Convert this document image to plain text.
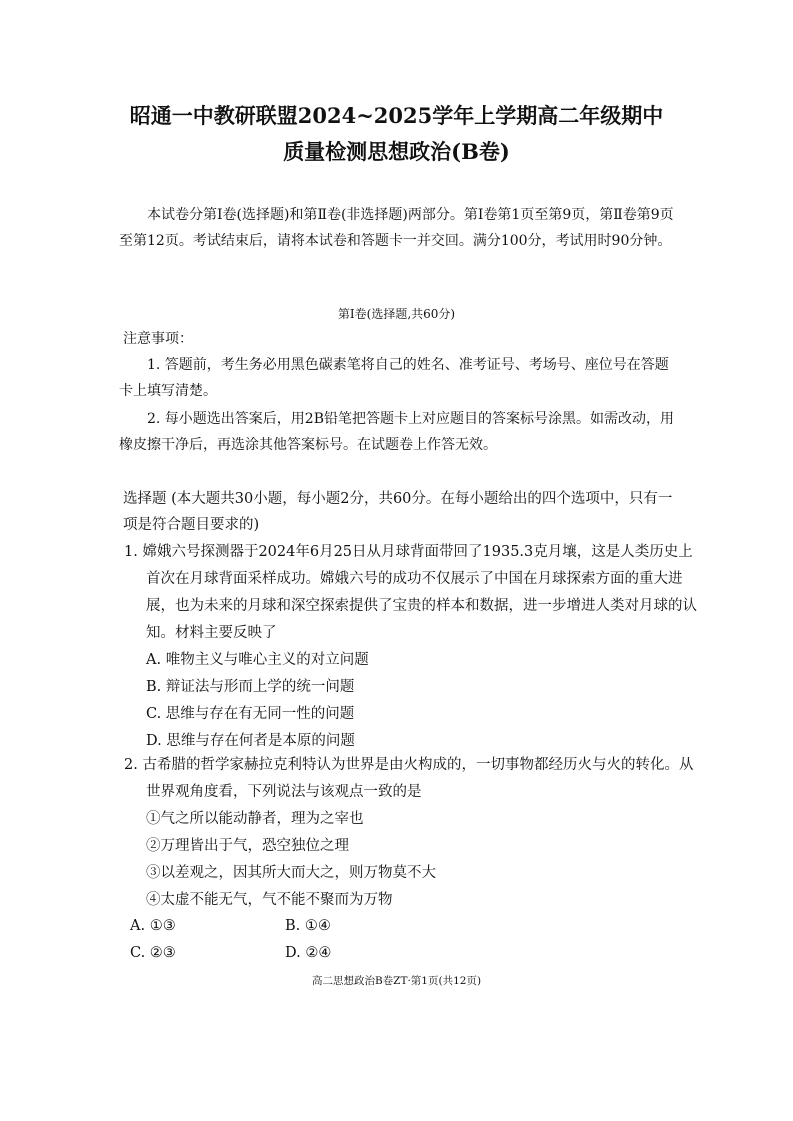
昭通一中教研联盟2024~2025学年上学期高二年级期中
质量检测思想政治(B卷)
本试卷分第Ⅰ卷(选择题)和第Ⅱ卷(非选择题)两部分。第Ⅰ卷第1页至第9页，第Ⅱ卷第9页至第12页。考试结束后，请将本试卷和答题卡一并交回。满分100分，考试用时90分钟。
第Ⅰ卷(选择题,共60分)
注意事项：
1. 答题前，考生务必用黑色碳素笔将自己的姓名、准考证号、考场号、座位号在答题卡上填写清楚。
2. 每小题选出答案后，用2B铅笔把答题卡上对应题目的答案标号涂黑。如需改动，用橡皮擦干净后，再选涂其他答案标号。在试题卷上作答无效。
选择题 (本大题共30小题，每小题2分，共60分。在每小题给出的四个选项中，只有一项是符合题目要求的)
1. 嫦娥六号探测器于2024年6月25日从月球背面带回了1935.3克月壤，这是人类历史上首次在月球背面采样成功。嫦娥六号的成功不仅展示了中国在月球探索方面的重大进展，也为未来的月球和深空探索提供了宝贵的样本和数据，进一步增进人类对月球的认知。材料主要反映了
A. 唯物主义与唯心主义的对立问题
B. 辩证法与形而上学的统一问题
C. 思维与存在有无同一性的问题
D. 思维与存在何者是本原的问题
2. 古希腊的哲学家赫拉克利特认为世界是由火构成的，一切事物都经历火与火的转化。从世界观角度看，下列说法与该观点一致的是
①气之所以能动静者，理为之宰也
②万理皆出于气，恐空独位之理
③以差观之，因其所大而大之，则万物莫不大
④太虚不能无气，气不能不聚而为万物
A. ①③	B. ①④
C. ②③	D. ②④
高二思想政治B卷ZT·第1页(共12页)
